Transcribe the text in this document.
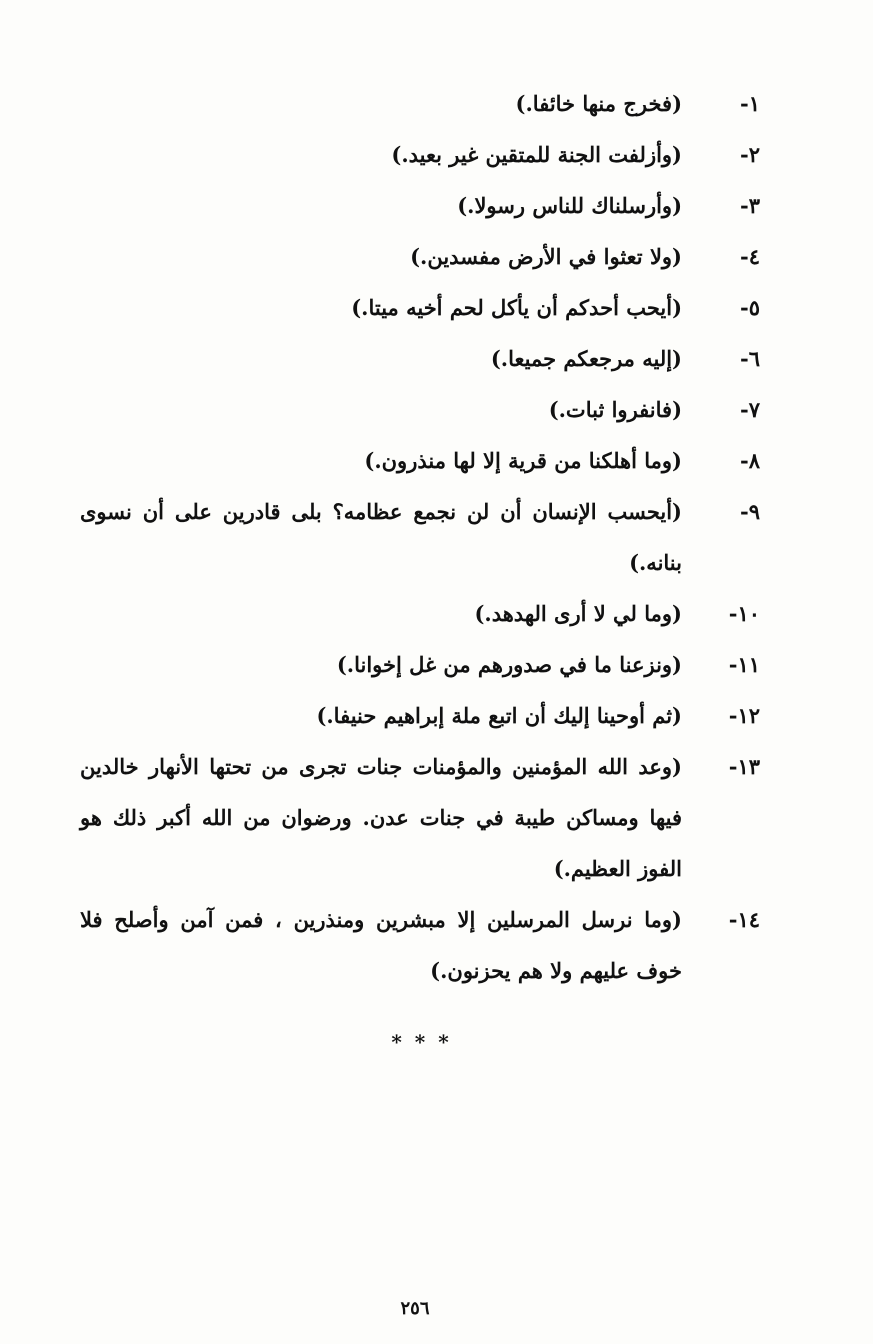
١-
(فخرج منها خائفا.)
٢-
(وأزلفت الجنة للمتقين غير بعيد.)
٣-
(وأرسلناك للناس رسولا.)
٤-
(ولا تعثوا في الأرض مفسدين.)
٥-
(أيحب أحدكم أن يأكل لحم أخيه ميتا.)
٦-
(إليه مرجعكم جميعا.)
٧-
(فانفروا ثبات.)
٨-
(وما أهلكنا من قرية إلا لها منذرون.)
٩-
(أيحسب الإنسان أن لن نجمع عظامه؟ بلى قادرين على أن نسوى بنانه.)
١٠-
(وما لي لا أرى الهدهد.)
١١-
(ونزعنا ما في صدورهم من غل إخوانا.)
١٢-
(ثم أوحينا إليك أن اتبع ملة إبراهيم حنيفا.)
١٣-
(وعد الله المؤمنين والمؤمنات جنات تجرى من تحتها الأنهار خالدين فيها ومساكن طيبة في جنات عدن. ورضوان من الله أكبر ذلك هو الفوز العظيم.)
١٤-
(وما نرسل المرسلين إلا مبشرين ومنذرين ، فمن آمن وأصلح فلا خوف عليهم ولا هم يحزنون.)
* * *
٢٥٦
